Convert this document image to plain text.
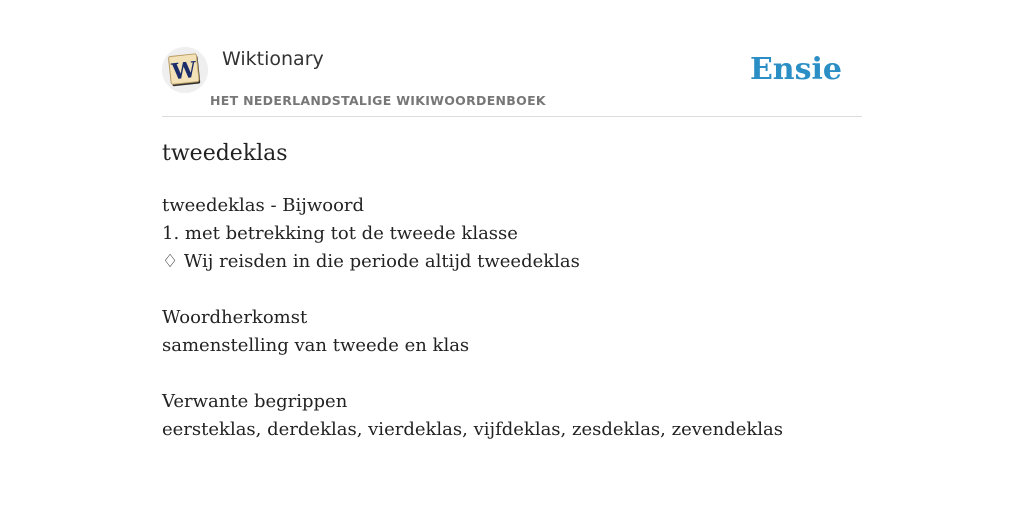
W Wiktionary
HET NEDERLANDSTALIGE WIKIWOORDENBOEK
Ensie
tweedeklas
tweedeklas - Bijwoord
1. met betrekking tot de tweede klasse
♢ Wij reisden in die periode altijd tweedeklas
Woordherkomst
samenstelling van tweede en klas
Verwante begrippen
eersteklas, derdeklas, vierdeklas, vijfdeklas, zesdeklas, zevendeklas
